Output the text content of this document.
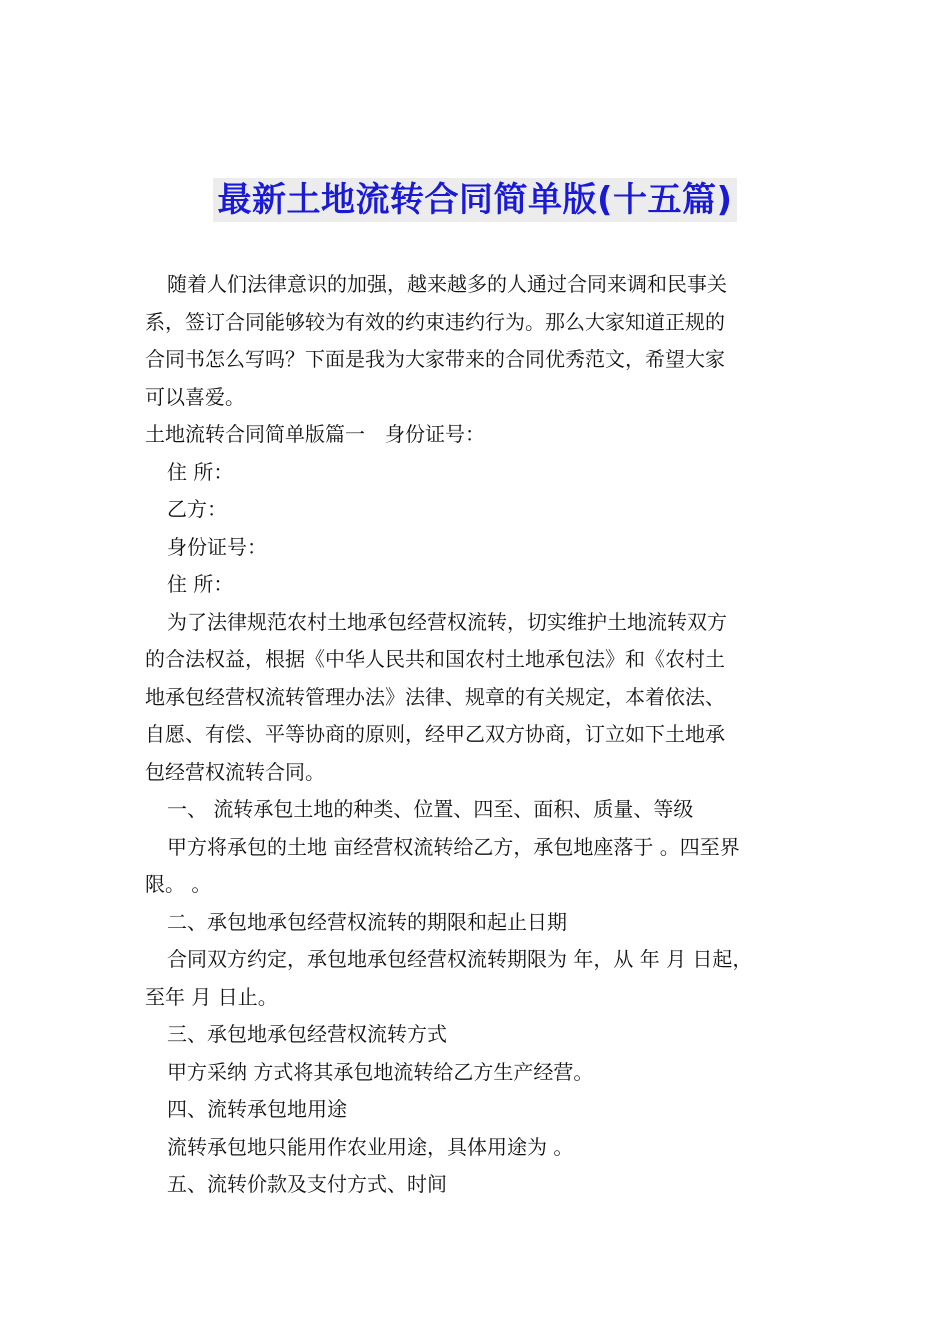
最新土地流转合同简单版(十五篇)

随着人们法律意识的加强，越来越多的人通过合同来调和民事关

系，签订合同能够较为有效的约束违约行为。那么大家知道正规的

合同书怎么写吗？下面是我为大家带来的合同优秀范文，希望大家

可以喜爱。

土地流转合同简单版篇一　身份证号：

住 所：

乙方：

身份证号：

住 所：

为了法律规范农村土地承包经营权流转，切实维护土地流转双方

的合法权益，根据《中华人民共和国农村土地承包法》和《农村土

地承包经营权流转管理办法》法律、规章的有关规定，本着依法、

自愿、有偿、平等协商的原则，经甲乙双方协商，订立如下土地承

包经营权流转合同。

一、 流转承包土地的种类、位置、四至、面积、质量、等级

甲方将承包的土地 亩经营权流转给乙方，承包地座落于 。四至界

限。 。

二、承包地承包经营权流转的期限和起止日期

合同双方约定，承包地承包经营权流转期限为 年，从 年 月 日起，

至年 月 日止。

三、承包地承包经营权流转方式

甲方采纳 方式将其承包地流转给乙方生产经营。

四、流转承包地用途

流转承包地只能用作农业用途，具体用途为 。

五、流转价款及支付方式、时间
